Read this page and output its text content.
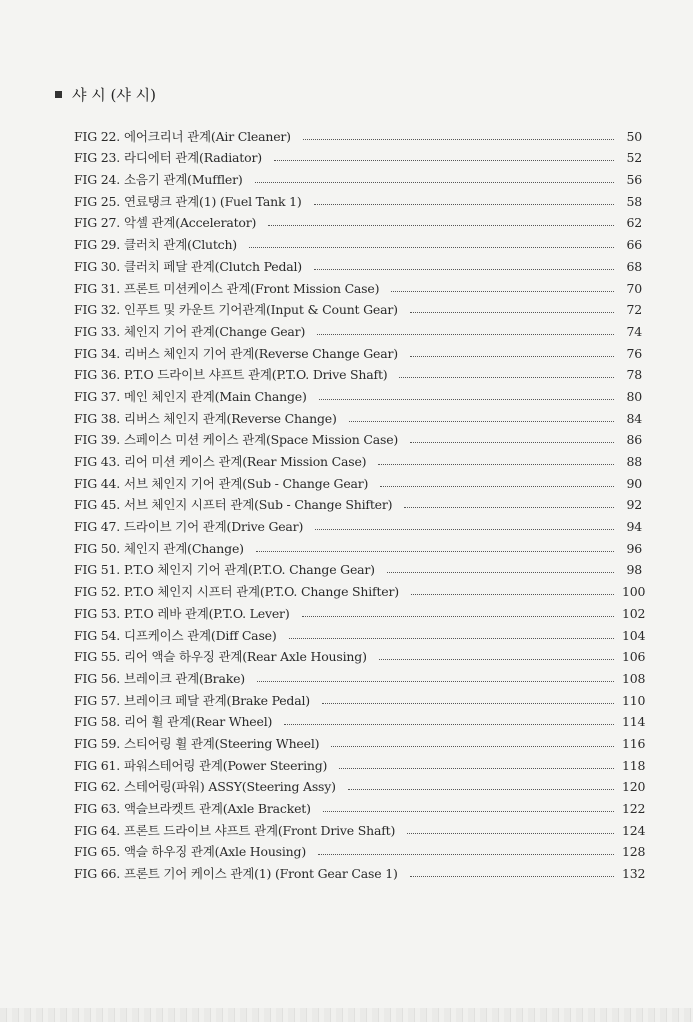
샤 시 (샤 시)
FIG 22. 에어크리너 관계(Air Cleaner)	50
FIG 23. 라디에터 관계(Radiator)	52
FIG 24. 소음기 관계(Muffler)	56
FIG 25. 연료탱크 관계(1) (Fuel Tank 1)	58
FIG 27. 악셀 관계(Accelerator)	62
FIG 29. 클러치 관계(Clutch)	66
FIG 30. 클러치 페달 관계(Clutch Pedal)	68
FIG 31. 프론트 미션케이스 관계(Front Mission Case)	70
FIG 32. 인푸트 및 카운트 기어관계(Input & Count Gear)	72
FIG 33. 체인지 기어 관계(Change Gear)	74
FIG 34. 리버스 체인지 기어 관계(Reverse Change Gear)	76
FIG 36. P.T.O 드라이브 샤프트 관계(P.T.O. Drive Shaft)	78
FIG 37. 메인 체인지 관계(Main Change)	80
FIG 38. 리버스 체인지 관계(Reverse Change)	84
FIG 39. 스페이스 미션 케이스 관계(Space Mission Case)	86
FIG 43. 리어 미션 케이스 관계(Rear Mission Case)	88
FIG 44. 서브 체인지 기어 관계(Sub - Change Gear)	90
FIG 45. 서브 체인지 시프터 관계(Sub - Change Shifter)	92
FIG 47. 드라이브 기어 관계(Drive Gear)	94
FIG 50. 체인지 관계(Change)	96
FIG 51. P.T.O 체인지 기어 관계(P.T.O. Change Gear)	98
FIG 52. P.T.O 체인지 시프터 관계(P.T.O. Change Shifter)	100
FIG 53. P.T.O 레바 관계(P.T.O. Lever)	102
FIG 54. 디프케이스 관계(Diff Case)	104
FIG 55. 리어 액슬 하우징 관계(Rear Axle Housing)	106
FIG 56. 브레이크 관계(Brake)	108
FIG 57. 브레이크 페달 관계(Brake Pedal)	110
FIG 58. 리어 휠 관계(Rear Wheel)	114
FIG 59. 스티어링 휠 관계(Steering Wheel)	116
FIG 61. 파워스테어링 관계(Power Steering)	118
FIG 62. 스테어링(파워) ASSY(Steering Assy)	120
FIG 63. 액슬브라켓트 관계(Axle Bracket)	122
FIG 64. 프론트 드라이브 샤프트 관계(Front Drive Shaft)	124
FIG 65. 액슬 하우징 관계(Axle Housing)	128
FIG 66. 프론트 기어 케이스 관계(1) (Front Gear Case 1)	132
